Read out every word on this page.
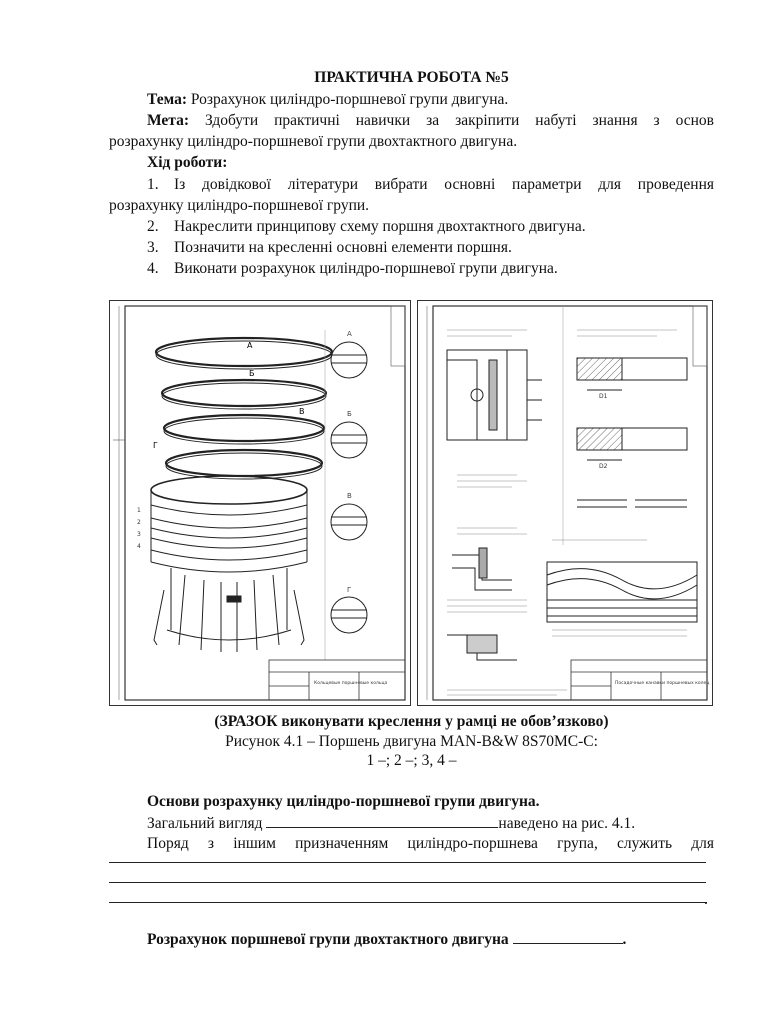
ПРАКТИЧНА РОБОТА №5
Тема: Розрахунок циліндро-поршневої групи двигуна.
Мета: Здобути практичні навички за закріпити набуті знання з основ
розрахунку циліндро-поршневої групи двохтактного двигуна.
Хід роботи:
1. Із довідкової літератури вибрати основні параметри для проведення
розрахунку циліндро-поршневої групи.
2. Накреслити принципову схему поршня двохтактного двигуна.
3. Позначити на кресленні основні елементи поршня.
4. Виконати розрахунок циліндро-поршневої групи двигуна.
А
Б
В
Г
1
2
3
4
А
Б
В
Г
Кольцевые поршневые кольца
D1
D2
Посадочные канавки поршневых колец
(ЗРАЗОК виконувати креслення у рамці не обов’язково)
Рисунок 4.1 – Поршень двигуна MAN-B&W 8S70MC-C:
1 –; 2 –; 3, 4 –
Основи розрахунку циліндро-поршневої групи двигуна.
Загальний вигляд	наведено на рис. 4.1.
Поряд з іншим призначенням циліндро-поршнева група, служить для
.
Розрахунок поршневої групи двохтактного двигуна	.
